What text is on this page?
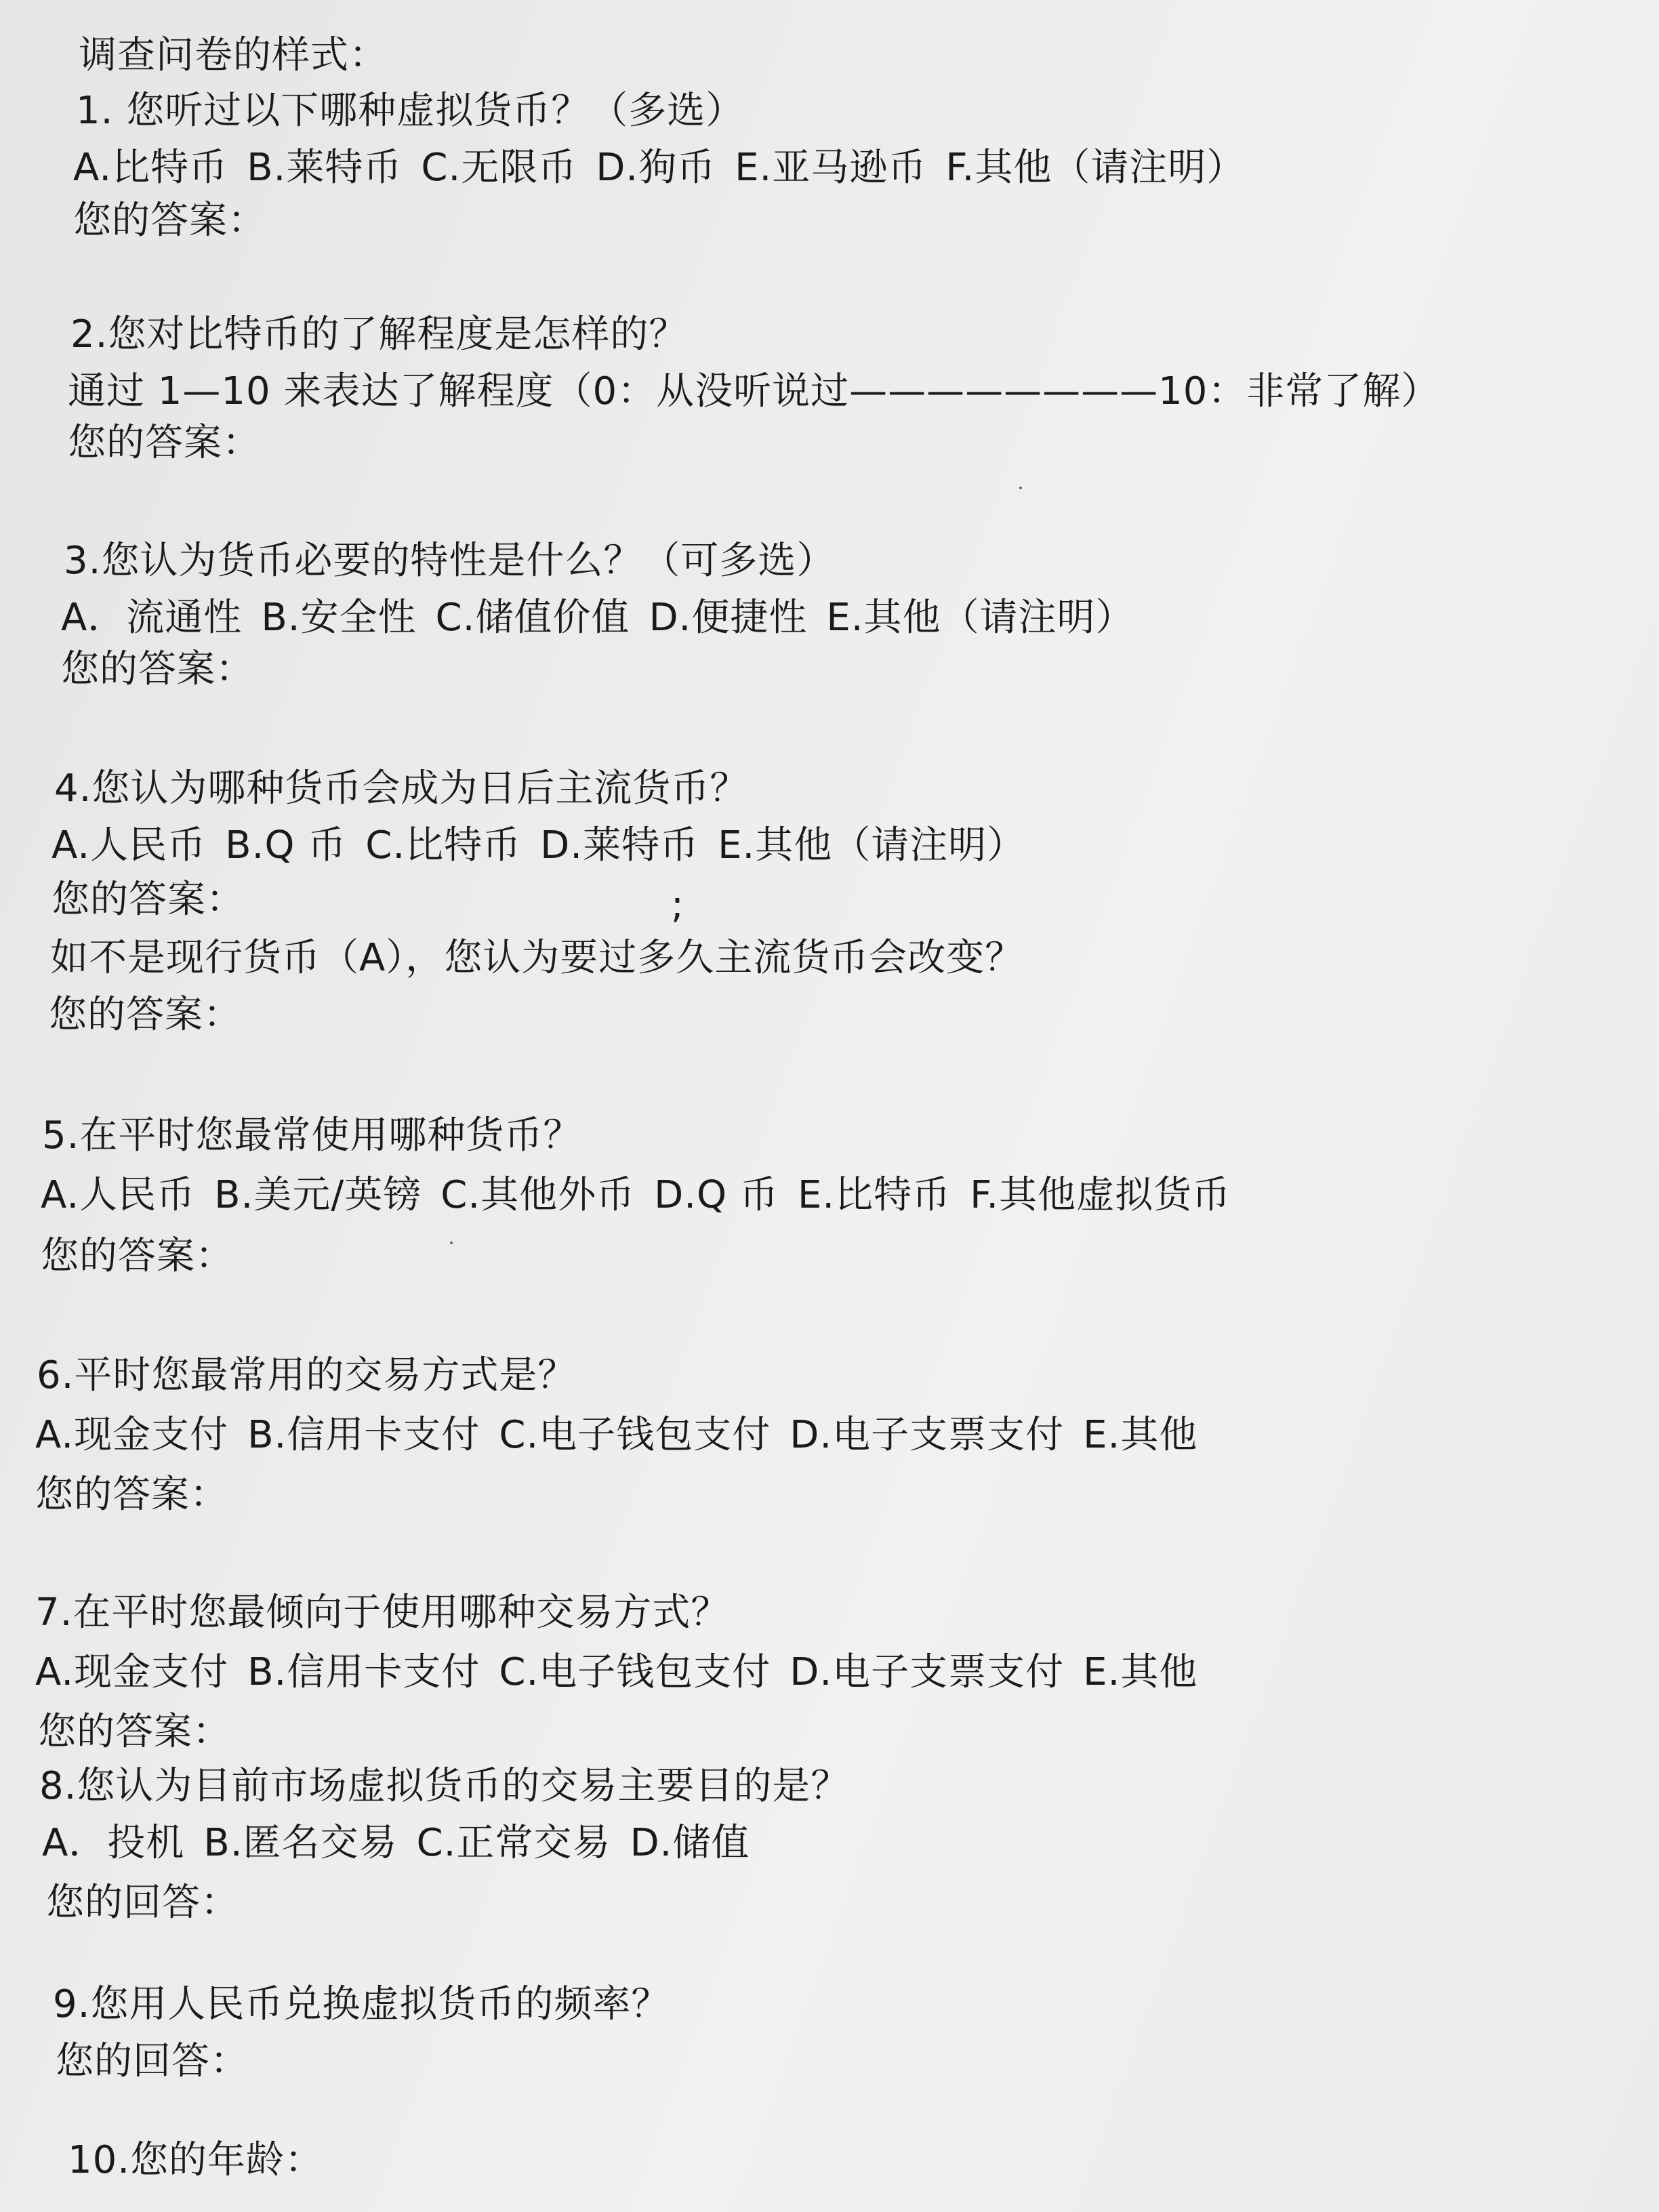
调查问卷的样式：
1. 您听过以下哪种虚拟货币？（多选）
A.比特币 B.莱特币 C.无限币 D.狗币 E.亚马逊币 F.其他（请注明）
您的答案：
2.您对比特币的了解程度是怎样的？
通过 1—10 来表达了解程度（0：从没听说过————————10：非常了解）
您的答案：
3.您认为货币必要的特性是什么？（可多选）
A．流通性 B.安全性 C.储值价值 D.便捷性 E.其他（请注明）
您的答案：
4.您认为哪种货币会成为日后主流货币？
A.人民币 B.Q 币 C.比特币 D.莱特币 E.其他（请注明）
您的答案：	;
如不是现行货币（A），您认为要过多久主流货币会改变？
您的答案：
5.在平时您最常使用哪种货币？
A.人民币 B.美元/英镑 C.其他外币 D.Q 币 E.比特币 F.其他虚拟货币
您的答案：
6.平时您最常用的交易方式是？
A.现金支付 B.信用卡支付 C.电子钱包支付 D.电子支票支付 E.其他
您的答案：
7.在平时您最倾向于使用哪种交易方式？
A.现金支付 B.信用卡支付 C.电子钱包支付 D.电子支票支付 E.其他
您的答案：
8.您认为目前市场虚拟货币的交易主要目的是？
A．投机 B.匿名交易 C.正常交易 D.储值
您的回答：
9.您用人民币兑换虚拟货币的频率？
您的回答：
10.您的年龄：
